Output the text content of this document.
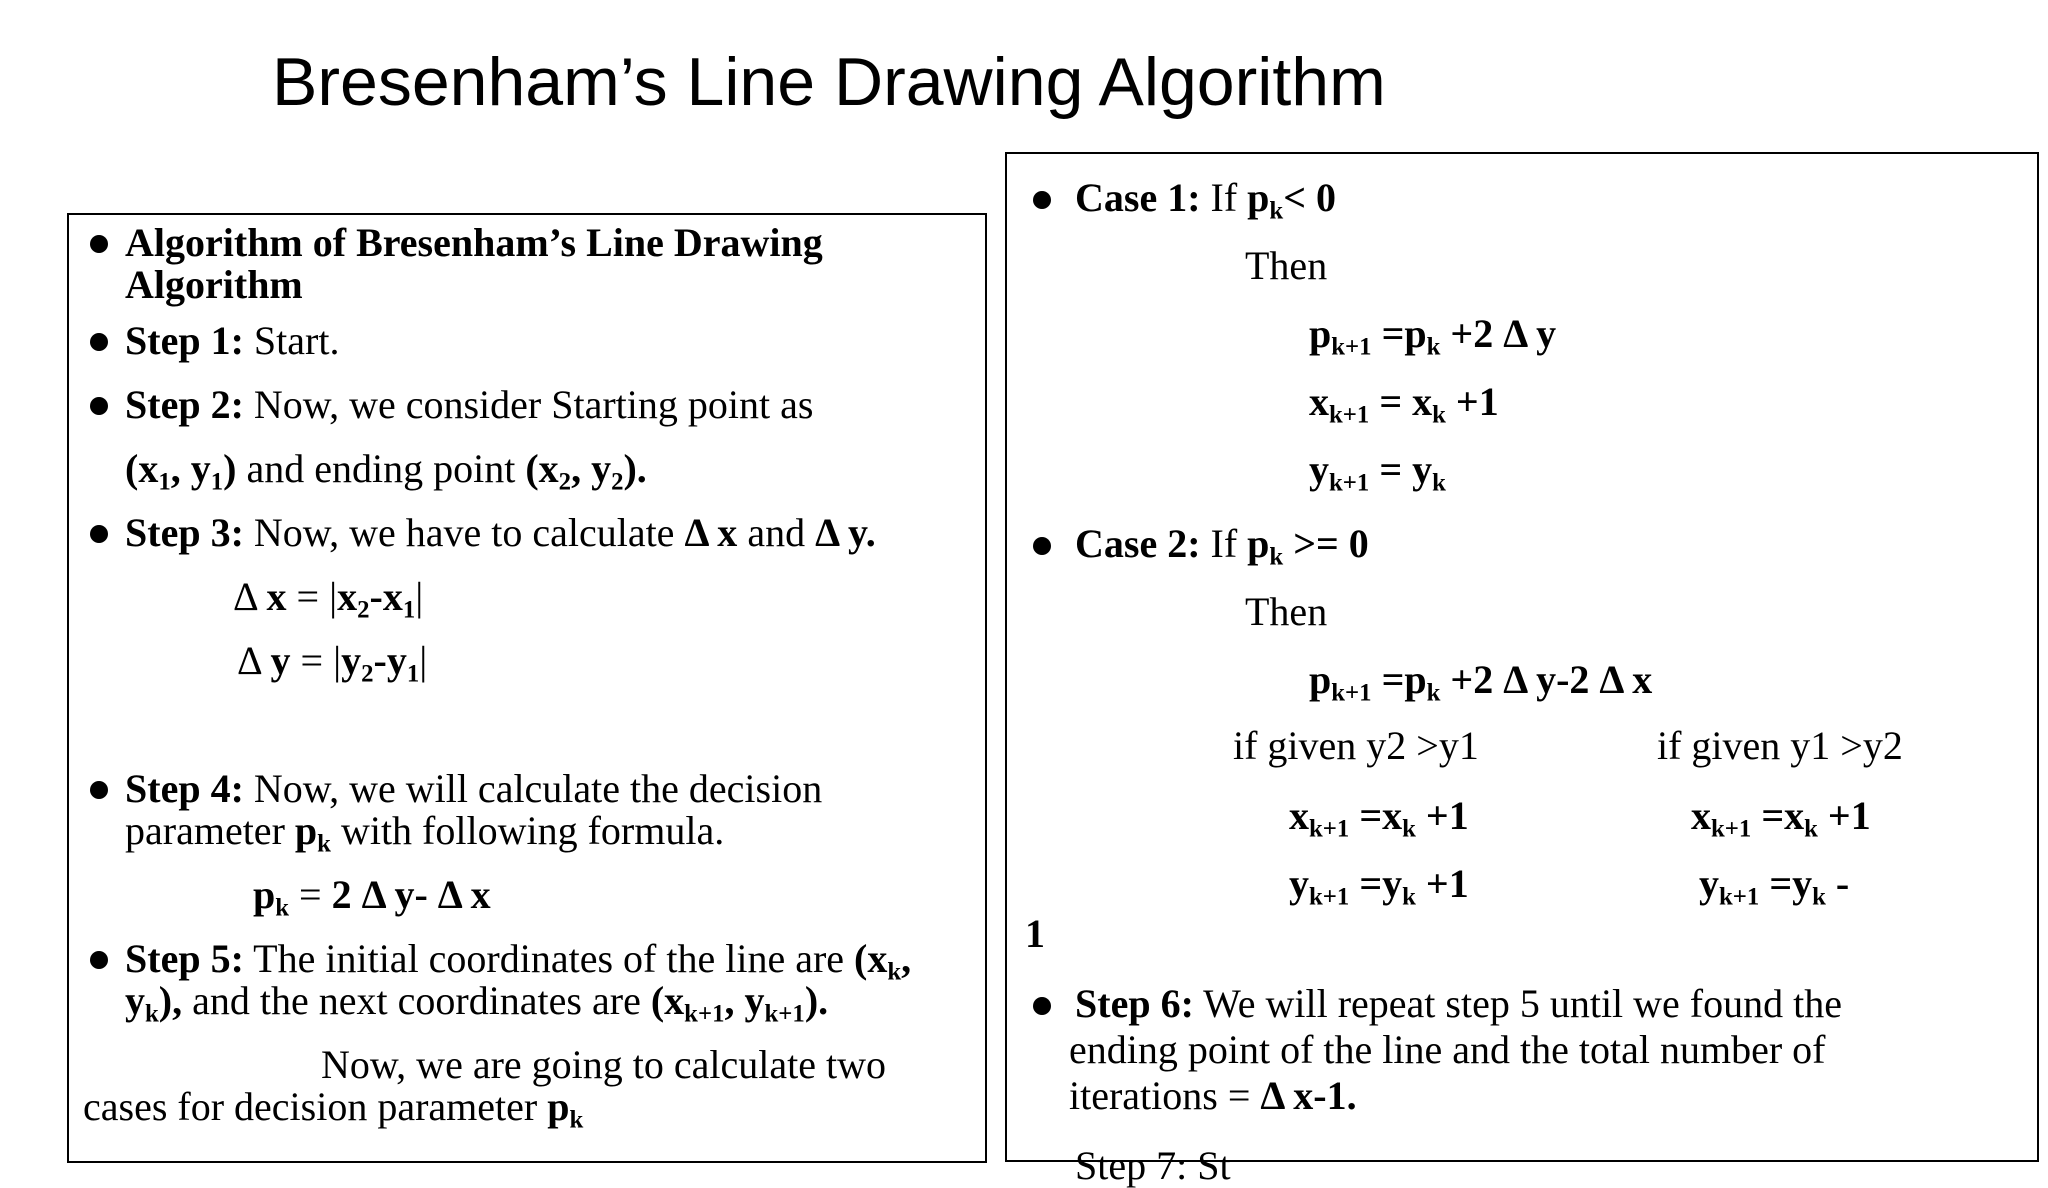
Bresenham’s Line Drawing Algorithm
Algorithm of Bresenham’s Line Drawing
Algorithm
Step 1: Start.
Step 2: Now, we consider Starting point as
($x_1$, $y_1$) and ending point ($x_2$, $y_2$).
Step 3: Now, we have to calculate Δ x and Δ y.
Δ $x = |x_2-x_1|$
Δ $y = |y_2-y_1|$
Step 4: Now, we will calculate the decision
parameter $p_k$ with following formula.
$p_k = 2$ Δ y- Δ x
Step 5: The initial coordinates of the line are ($x_k$,
$y_k$), and the next coordinates are ($x_{k+1}$, $y_{k+1}$).
Now, we are going to calculate two
cases for decision parameter $p_k$
Case 1: If $p_k< 0$
Then
$p_{k+1} =p_k +2$ Δ y
$x_{k+1} = x_k +1$
$y_{k+1} = y_k$
Case 2: If $p_k >= 0$
Then
$p_{k+1} =p_k +2$ Δ y-2 Δ x
if given y2 >y1	if given y1 >y2
$x_{k+1} =x_k +1$	$x_{k+1} =x_k +1$
$y_{k+1} =y_k +1$	$y_{k+1} =y_k$ -
1
Step 6: We will repeat step 5 until we found the
ending point of the line and the total number of
iterations = Δ x-1.
Step 7: St
